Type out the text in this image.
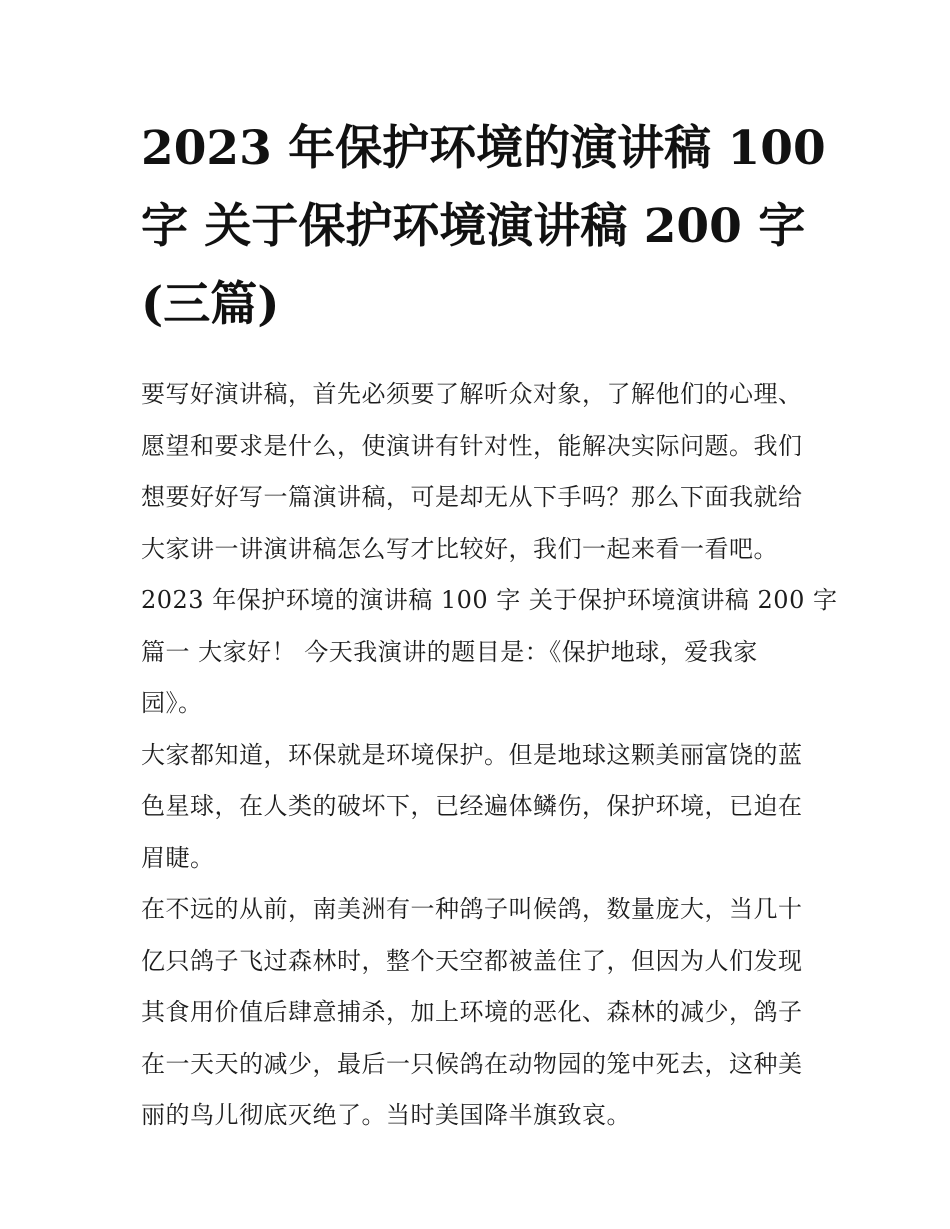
2023 年保护环境的演讲稿 100
字 关于保护环境演讲稿 200 字
(三篇)

要写好演讲稿，首先必须要了解听众对象，了解他们的心理、
愿望和要求是什么，使演讲有针对性，能解决实际问题。我们
想要好好写一篇演讲稿，可是却无从下手吗？那么下面我就给
大家讲一讲演讲稿怎么写才比较好，我们一起来看一看吧。

2023 年保护环境的演讲稿 100 字 关于保护环境演讲稿 200 字
篇一 大家好！ 今天我演讲的题目是：《保护地球，爱我家
园》。

大家都知道，环保就是环境保护。但是地球这颗美丽富饶的蓝
色星球，在人类的破坏下，已经遍体鳞伤，保护环境，已迫在
眉睫。

在不远的从前，南美洲有一种鸽子叫候鸽，数量庞大，当几十
亿只鸽子飞过森林时，整个天空都被盖住了，但因为人们发现
其食用价值后肆意捕杀，加上环境的恶化、森林的减少，鸽子
在一天天的减少，最后一只候鸽在动物园的笼中死去，这种美
丽的鸟儿彻底灭绝了。当时美国降半旗致哀。
